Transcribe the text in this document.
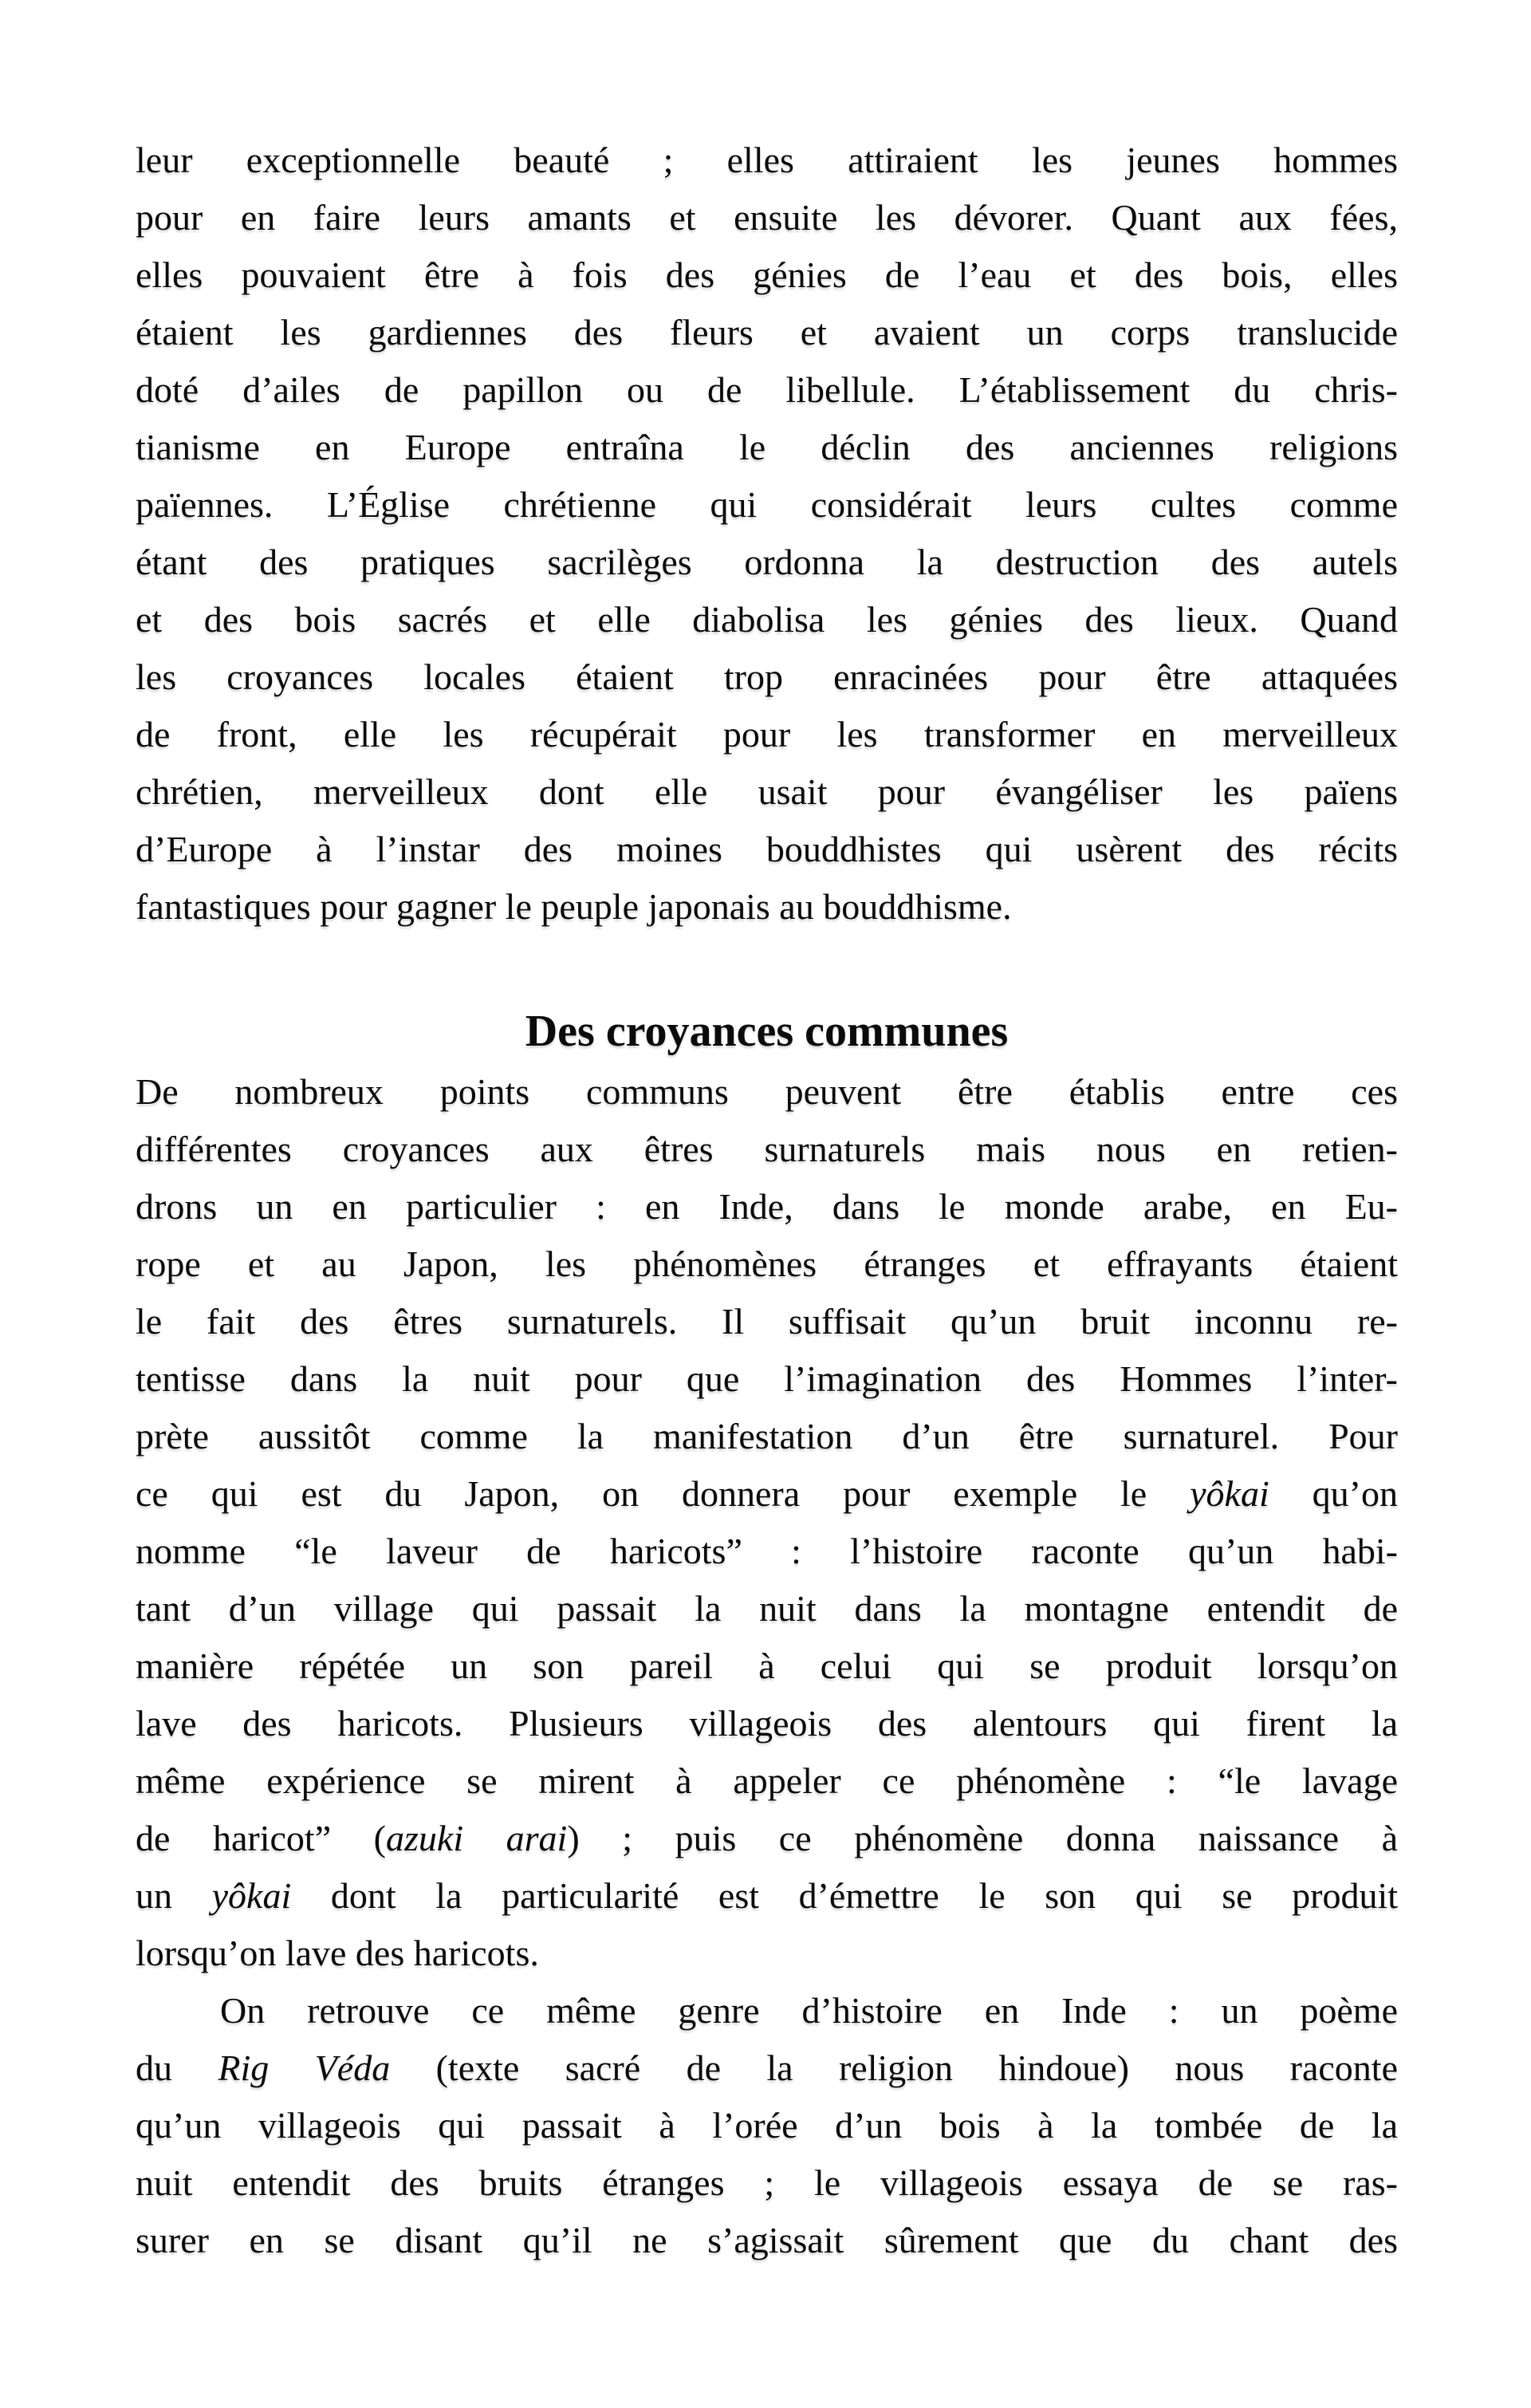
leur exceptionnelle beauté ; elles attiraient les jeunes hommes
pour en faire leurs amants et ensuite les dévorer. Quant aux fées,
elles pouvaient être à fois des génies de l’eau et des bois, elles
étaient les gardiennes des fleurs et avaient un corps translucide
doté d’ailes de papillon ou de libellule. L’établissement du chris-
tianisme en Europe entraîna le déclin des anciennes religions
païennes. L’Église chrétienne qui considérait leurs cultes comme
étant des pratiques sacrilèges ordonna la destruction des autels
et des bois sacrés et elle diabolisa les génies des lieux. Quand
les croyances locales étaient trop enracinées pour être attaquées
de front, elle les récupérait pour les transformer en merveilleux
chrétien, merveilleux dont elle usait pour évangéliser les païens
d’Europe à l’instar des moines bouddhistes qui usèrent des récits
fantastiques pour gagner le peuple japonais au bouddhisme.
Des croyances communes
De nombreux points communs peuvent être établis entre ces
différentes croyances aux êtres surnaturels mais nous en retien-
drons un en particulier : en Inde, dans le monde arabe, en Eu-
rope et au Japon, les phénomènes étranges et effrayants étaient
le fait des êtres surnaturels. Il suffisait qu’un bruit inconnu re-
tentisse dans la nuit pour que l’imagination des Hommes l’inter-
prète aussitôt comme la manifestation d’un être surnaturel. Pour
ce qui est du Japon, on donnera pour exemple le yôkai qu’on
nomme “le laveur de haricots” : l’histoire raconte qu’un habi-
tant d’un village qui passait la nuit dans la montagne entendit de
manière répétée un son pareil à celui qui se produit lorsqu’on
lave des haricots. Plusieurs villageois des alentours qui firent la
même expérience se mirent à appeler ce phénomène : “le lavage
de haricot” (azuki arai) ; puis ce phénomène donna naissance à
un yôkai dont la particularité est d’émettre le son qui se produit
lorsqu’on lave des haricots.
On retrouve ce même genre d’histoire en Inde : un poème
du Rig Véda (texte sacré de la religion hindoue) nous raconte
qu’un villageois qui passait à l’orée d’un bois à la tombée de la
nuit entendit des bruits étranges ; le villageois essaya de se ras-
surer en se disant qu’il ne s’agissait sûrement que du chant des
